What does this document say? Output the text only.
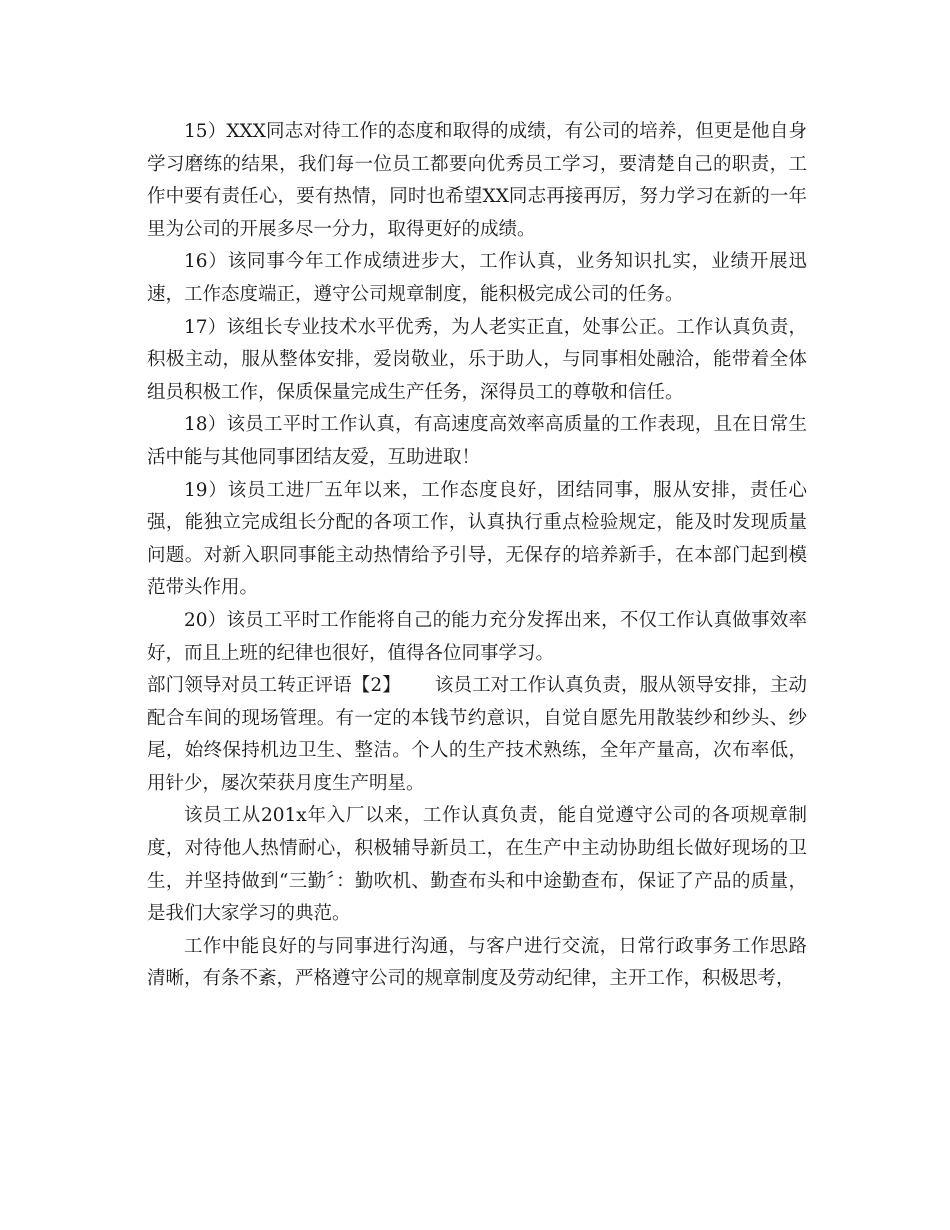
15）XXX同志对待工作的态度和取得的成绩，有公司的培养，但更是他自身学习磨练的结果，我们每一位员工都要向优秀员工学习，要清楚自己的职责，工作中要有责任心，要有热情，同时也希望XX同志再接再厉，努力学习在新的一年里为公司的开展多尽一分力，取得更好的成绩。

16）该同事今年工作成绩进步大，工作认真，业务知识扎实，业绩开展迅速，工作态度端正，遵守公司规章制度，能积极完成公司的任务。

17）该组长专业技术水平优秀，为人老实正直，处事公正。工作认真负责，积极主动，服从整体安排，爱岗敬业，乐于助人，与同事相处融洽，能带着全体组员积极工作，保质保量完成生产任务，深得员工的尊敬和信任。

18）该员工平时工作认真，有高速度高效率高质量的工作表现，且在日常生活中能与其他同事团结友爱，互助进取！

19）该员工进厂五年以来，工作态度良好，团结同事，服从安排，责任心强，能独立完成组长分配的各项工作，认真执行重点检验规定，能及时发现质量问题。对新入职同事能主动热情给予引导，无保存的培养新手，在本部门起到模范带头作用。

20）该员工平时工作能将自己的能力充分发挥出来，不仅工作认真做事效率好，而且上班的纪律也很好，值得各位同事学习。

部门领导对员工转正评语【2】 该员工对工作认真负责，服从领导安排，主动配合车间的现场管理。有一定的本钱节约意识，自觉自愿先用散装纱和纱头、纱尾，始终保持机边卫生、整洁。个人的生产技术熟练，全年产量高，次布率低，用针少，屡次荣获月度生产明星。

该员工从201x年入厂以来，工作认真负责，能自觉遵守公司的各项规章制度，对待他人热情耐心，积极辅导新员工，在生产中主动协助组长做好现场的卫生，并坚持做到“三勤〞：勤吹机、勤查布头和中途勤查布，保证了产品的质量，是我们大家学习的典范。

工作中能良好的与同事进行沟通，与客户进行交流，日常行政事务工作思路清晰，有条不紊，严格遵守公司的规章制度及劳动纪律，主开工作，积极思考，
